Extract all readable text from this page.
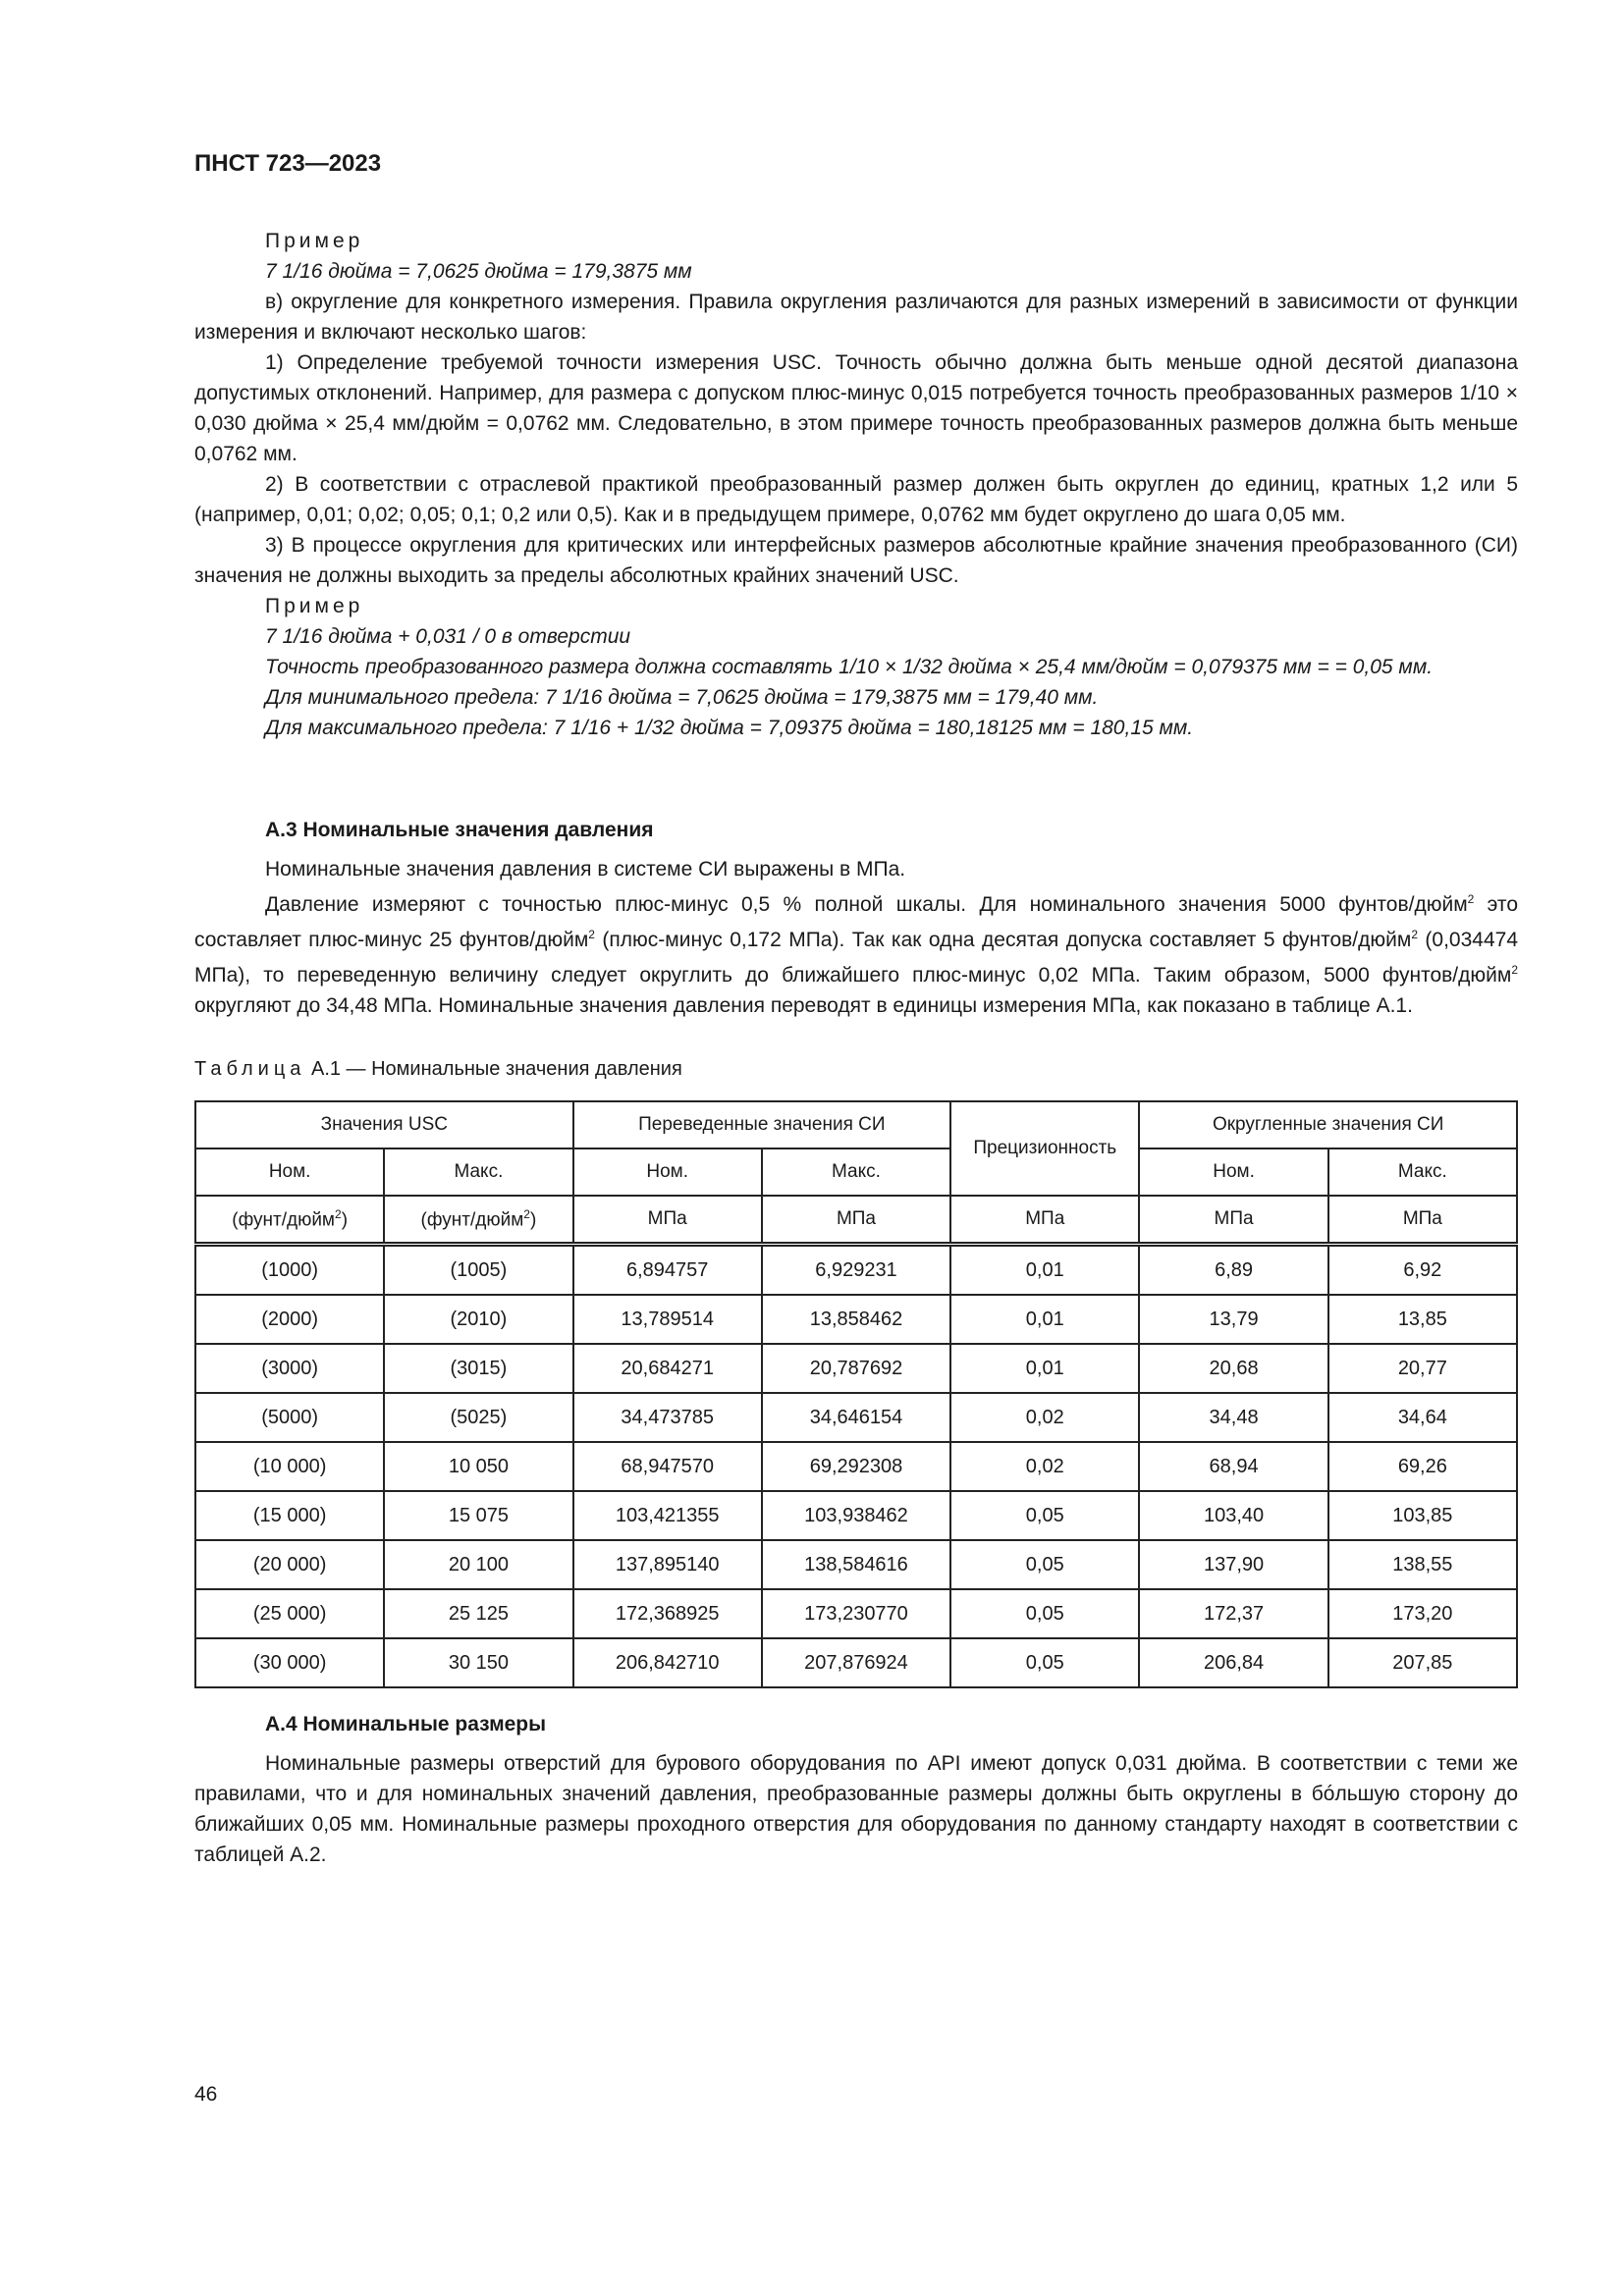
ПНСТ 723—2023

Пример

7 1/16 дюйма = 7,0625 дюйма = 179,3875 мм

в) округление для конкретного измерения. Правила округления различаются для разных измерений в зависимости от функции измерения и включают несколько шагов:

1) Определение требуемой точности измерения USC. Точность обычно должна быть меньше одной десятой диапазона допустимых отклонений. Например, для размера с допуском плюс-минус 0,015 потребуется точность преобразованных размеров 1/10 × 0,030 дюйма × 25,4 мм/дюйм = 0,0762 мм. Следовательно, в этом примере точность преобразованных размеров должна быть меньше 0,0762 мм.

2) В соответствии с отраслевой практикой преобразованный размер должен быть округлен до единиц, кратных 1,2 или 5 (например, 0,01; 0,02; 0,05; 0,1; 0,2 или 0,5). Как и в предыдущем примере, 0,0762 мм будет округлено до шага 0,05 мм.

3) В процессе округления для критических или интерфейсных размеров абсолютные крайние значения преобразованного (СИ) значения не должны выходить за пределы абсолютных крайних значений USC.

Пример

7 1/16 дюйма + 0,031 / 0 в отверстии

Точность преобразованного размера должна составлять 1/10 × 1/32 дюйма × 25,4 мм/дюйм = 0,079375 мм = = 0,05 мм.

Для минимального предела: 7 1/16 дюйма = 7,0625 дюйма = 179,3875 мм = 179,40 мм.

Для максимального предела: 7 1/16 + 1/32 дюйма = 7,09375 дюйма = 180,18125 мм = 180,15 мм.

А.3 Номинальные значения давления

Номинальные значения давления в системе СИ выражены в МПа.

Давление измеряют с точностью плюс-минус 0,5 % полной шкалы. Для номинального значения 5000 фунтов/дюйм$^2$ это составляет плюс-минус 25 фунтов/дюйм$^2$ (плюс-минус 0,172 МПа). Так как одна десятая допуска составляет 5 фунтов/дюйм$^2$ (0,034474 МПа), то переведенную величину следует округлить до ближайшего плюс-минус 0,02 МПа. Таким образом, 5000 фунтов/дюйм$^2$ округляют до 34,48 МПа. Номинальные значения давления переводят в единицы измерения МПа, как показано в таблице А.1.

Таблица А.1 — Номинальные значения давления
Значения USC		Переведенные значения СИ		Прецизионность	Округленные значения СИ	
Ном.	Макс.	Ном.	Макс.		Ном.	Макс.
(фунт/дюйм$^2$)	(фунт/дюйм$^2$)	МПа	МПа	МПа	МПа	МПа
(1000)	(1005)	6,894757	6,929231	0,01	6,89	6,92
(2000)	(2010)	13,789514	13,858462	0,01	13,79	13,85
(3000)	(3015)	20,684271	20,787692	0,01	20,68	20,77
(5000)	(5025)	34,473785	34,646154	0,02	34,48	34,64
(10 000)	10 050	68,947570	69,292308	0,02	68,94	69,26
(15 000)	15 075	103,421355	103,938462	0,05	103,40	103,85
(20 000)	20 100	137,895140	138,584616	0,05	137,90	138,55
(25 000)	25 125	172,368925	173,230770	0,05	172,37	173,20
(30 000)	30 150	206,842710	207,876924	0,05	206,84	207,85

А.4 Номинальные размеры

Номинальные размеры отверстий для бурового оборудования по API имеют допуск 0,031 дюйма. В соответствии с теми же правилами, что и для номинальных значений давления, преобразованные размеры должны быть округлены в бóльшую сторону до ближайших 0,05 мм. Номинальные размеры проходного отверстия для оборудования по данному стандарту находят в соответствии с таблицей А.2.

46
